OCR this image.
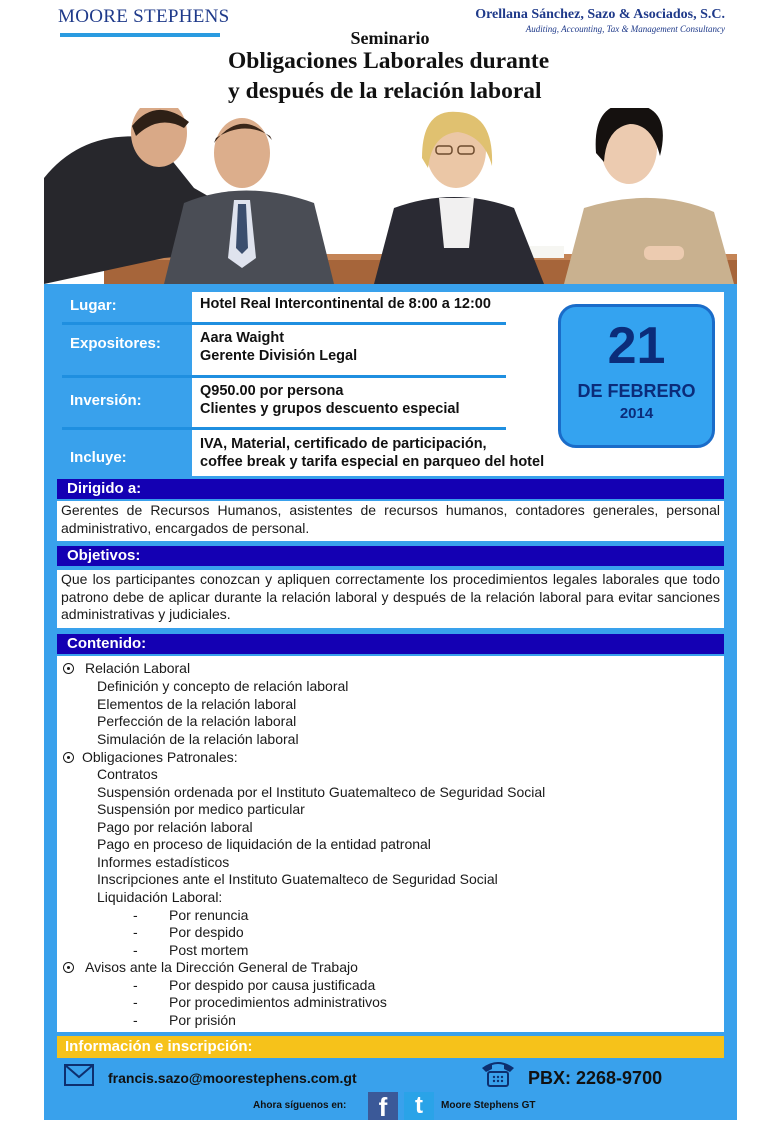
MOORE STEPHENS	Orellana Sánchez, Sazo & Asociados, S.C.
Auditing, Accounting, Tax & Management Consultancy
Seminario
Obligaciones Laborales durante
y después de la relación laboral
Lugar:	Hotel Real Intercontinental de 8:00 a 12:00
Expositores:	Aara Waight
Gerente División Legal
Inversión:
Q950.00 por persona
Clientes y grupos descuento especial
Incluye:
IVA, Material, certificado de participación,
coffee break y tarifa especial en parqueo del hotel
21
DE FEBRERO
2014
Dirigido a:
Gerentes de Recursos Humanos, asistentes de recursos humanos, contadores generales, personal administrativo, encargados de personal.
Objetivos:
Que los participantes conozcan y apliquen correctamente los procedimientos legales laborales que todo patrono debe de aplicar durante la relación laboral y después de la relación laboral para evitar sanciones administrativas y judiciales.
Contenido:
Relación Laboral
Definición y concepto de relación laboral
Elementos de la relación laboral
Perfección de la relación laboral
Simulación de la relación laboral
Obligaciones Patronales:
Contratos
Suspensión ordenada por el Instituto Guatemalteco de Seguridad Social
Suspensión por medico particular
Pago por relación laboral
Pago en proceso de liquidación de la entidad patronal
Informes estadísticos
Inscripciones ante el Instituto Guatemalteco de Seguridad Social
Liquidación Laboral:
- Por renuncia
- Por despido
- Post mortem
Avisos ante la Dirección General de Trabajo
- Por despido por causa justificada
- Por procedimientos administrativos
- Por prisión
Información e inscripción:
francis.sazo@moorestephens.com.gt	PBX: 2268-9700
Ahora síguenos en:	f	t	Moore Stephens GT
